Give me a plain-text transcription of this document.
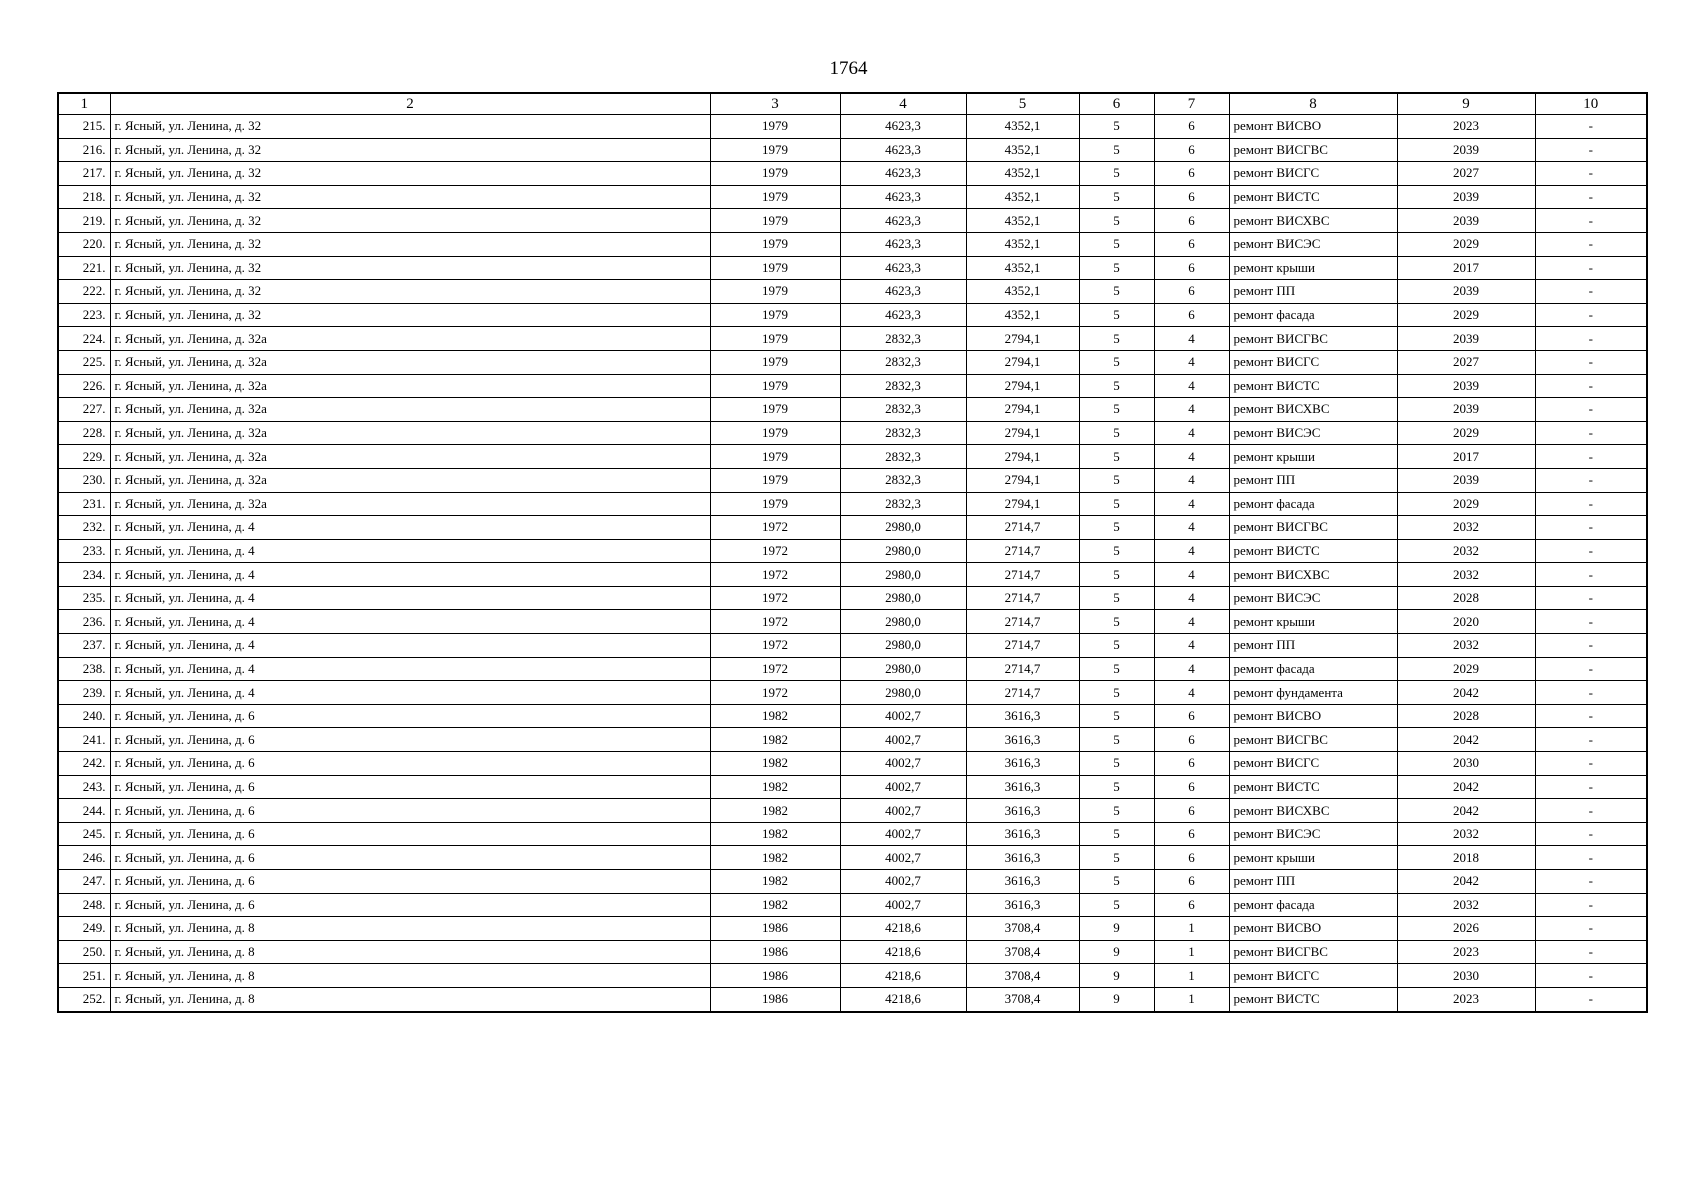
1764
1	2	3	4	5	6	7	8	9	10
215.	г. Ясный, ул. Ленина, д. 32	1979	4623,3	4352,1	5	6	ремонт ВИСВО	2023	-
216.	г. Ясный, ул. Ленина, д. 32	1979	4623,3	4352,1	5	6	ремонт ВИСГВС	2039	-
217.	г. Ясный, ул. Ленина, д. 32	1979	4623,3	4352,1	5	6	ремонт ВИСГС	2027	-
218.	г. Ясный, ул. Ленина, д. 32	1979	4623,3	4352,1	5	6	ремонт ВИСТС	2039	-
219.	г. Ясный, ул. Ленина, д. 32	1979	4623,3	4352,1	5	6	ремонт ВИСХВС	2039	-
220.	г. Ясный, ул. Ленина, д. 32	1979	4623,3	4352,1	5	6	ремонт ВИСЭС	2029	-
221.	г. Ясный, ул. Ленина, д. 32	1979	4623,3	4352,1	5	6	ремонт крыши	2017	-
222.	г. Ясный, ул. Ленина, д. 32	1979	4623,3	4352,1	5	6	ремонт ПП	2039	-
223.	г. Ясный, ул. Ленина, д. 32	1979	4623,3	4352,1	5	6	ремонт фасада	2029	-
224.	г. Ясный, ул. Ленина, д. 32а	1979	2832,3	2794,1	5	4	ремонт ВИСГВС	2039	-
225.	г. Ясный, ул. Ленина, д. 32а	1979	2832,3	2794,1	5	4	ремонт ВИСГС	2027	-
226.	г. Ясный, ул. Ленина, д. 32а	1979	2832,3	2794,1	5	4	ремонт ВИСТС	2039	-
227.	г. Ясный, ул. Ленина, д. 32а	1979	2832,3	2794,1	5	4	ремонт ВИСХВС	2039	-
228.	г. Ясный, ул. Ленина, д. 32а	1979	2832,3	2794,1	5	4	ремонт ВИСЭС	2029	-
229.	г. Ясный, ул. Ленина, д. 32а	1979	2832,3	2794,1	5	4	ремонт крыши	2017	-
230.	г. Ясный, ул. Ленина, д. 32а	1979	2832,3	2794,1	5	4	ремонт ПП	2039	-
231.	г. Ясный, ул. Ленина, д. 32а	1979	2832,3	2794,1	5	4	ремонт фасада	2029	-
232.	г. Ясный, ул. Ленина, д. 4	1972	2980,0	2714,7	5	4	ремонт ВИСГВС	2032	-
233.	г. Ясный, ул. Ленина, д. 4	1972	2980,0	2714,7	5	4	ремонт ВИСТС	2032	-
234.	г. Ясный, ул. Ленина, д. 4	1972	2980,0	2714,7	5	4	ремонт ВИСХВС	2032	-
235.	г. Ясный, ул. Ленина, д. 4	1972	2980,0	2714,7	5	4	ремонт ВИСЭС	2028	-
236.	г. Ясный, ул. Ленина, д. 4	1972	2980,0	2714,7	5	4	ремонт крыши	2020	-
237.	г. Ясный, ул. Ленина, д. 4	1972	2980,0	2714,7	5	4	ремонт ПП	2032	-
238.	г. Ясный, ул. Ленина, д. 4	1972	2980,0	2714,7	5	4	ремонт фасада	2029	-
239.	г. Ясный, ул. Ленина, д. 4	1972	2980,0	2714,7	5	4	ремонт фундамента	2042	-
240.	г. Ясный, ул. Ленина, д. 6	1982	4002,7	3616,3	5	6	ремонт ВИСВО	2028	-
241.	г. Ясный, ул. Ленина, д. 6	1982	4002,7	3616,3	5	6	ремонт ВИСГВС	2042	-
242.	г. Ясный, ул. Ленина, д. 6	1982	4002,7	3616,3	5	6	ремонт ВИСГС	2030	-
243.	г. Ясный, ул. Ленина, д. 6	1982	4002,7	3616,3	5	6	ремонт ВИСТС	2042	-
244.	г. Ясный, ул. Ленина, д. 6	1982	4002,7	3616,3	5	6	ремонт ВИСХВС	2042	-
245.	г. Ясный, ул. Ленина, д. 6	1982	4002,7	3616,3	5	6	ремонт ВИСЭС	2032	-
246.	г. Ясный, ул. Ленина, д. 6	1982	4002,7	3616,3	5	6	ремонт крыши	2018	-
247.	г. Ясный, ул. Ленина, д. 6	1982	4002,7	3616,3	5	6	ремонт ПП	2042	-
248.	г. Ясный, ул. Ленина, д. 6	1982	4002,7	3616,3	5	6	ремонт фасада	2032	-
249.	г. Ясный, ул. Ленина, д. 8	1986	4218,6	3708,4	9	1	ремонт ВИСВО	2026	-
250.	г. Ясный, ул. Ленина, д. 8	1986	4218,6	3708,4	9	1	ремонт ВИСГВС	2023	-
251.	г. Ясный, ул. Ленина, д. 8	1986	4218,6	3708,4	9	1	ремонт ВИСГС	2030	-
252.	г. Ясный, ул. Ленина, д. 8	1986	4218,6	3708,4	9	1	ремонт ВИСТС	2023	-
